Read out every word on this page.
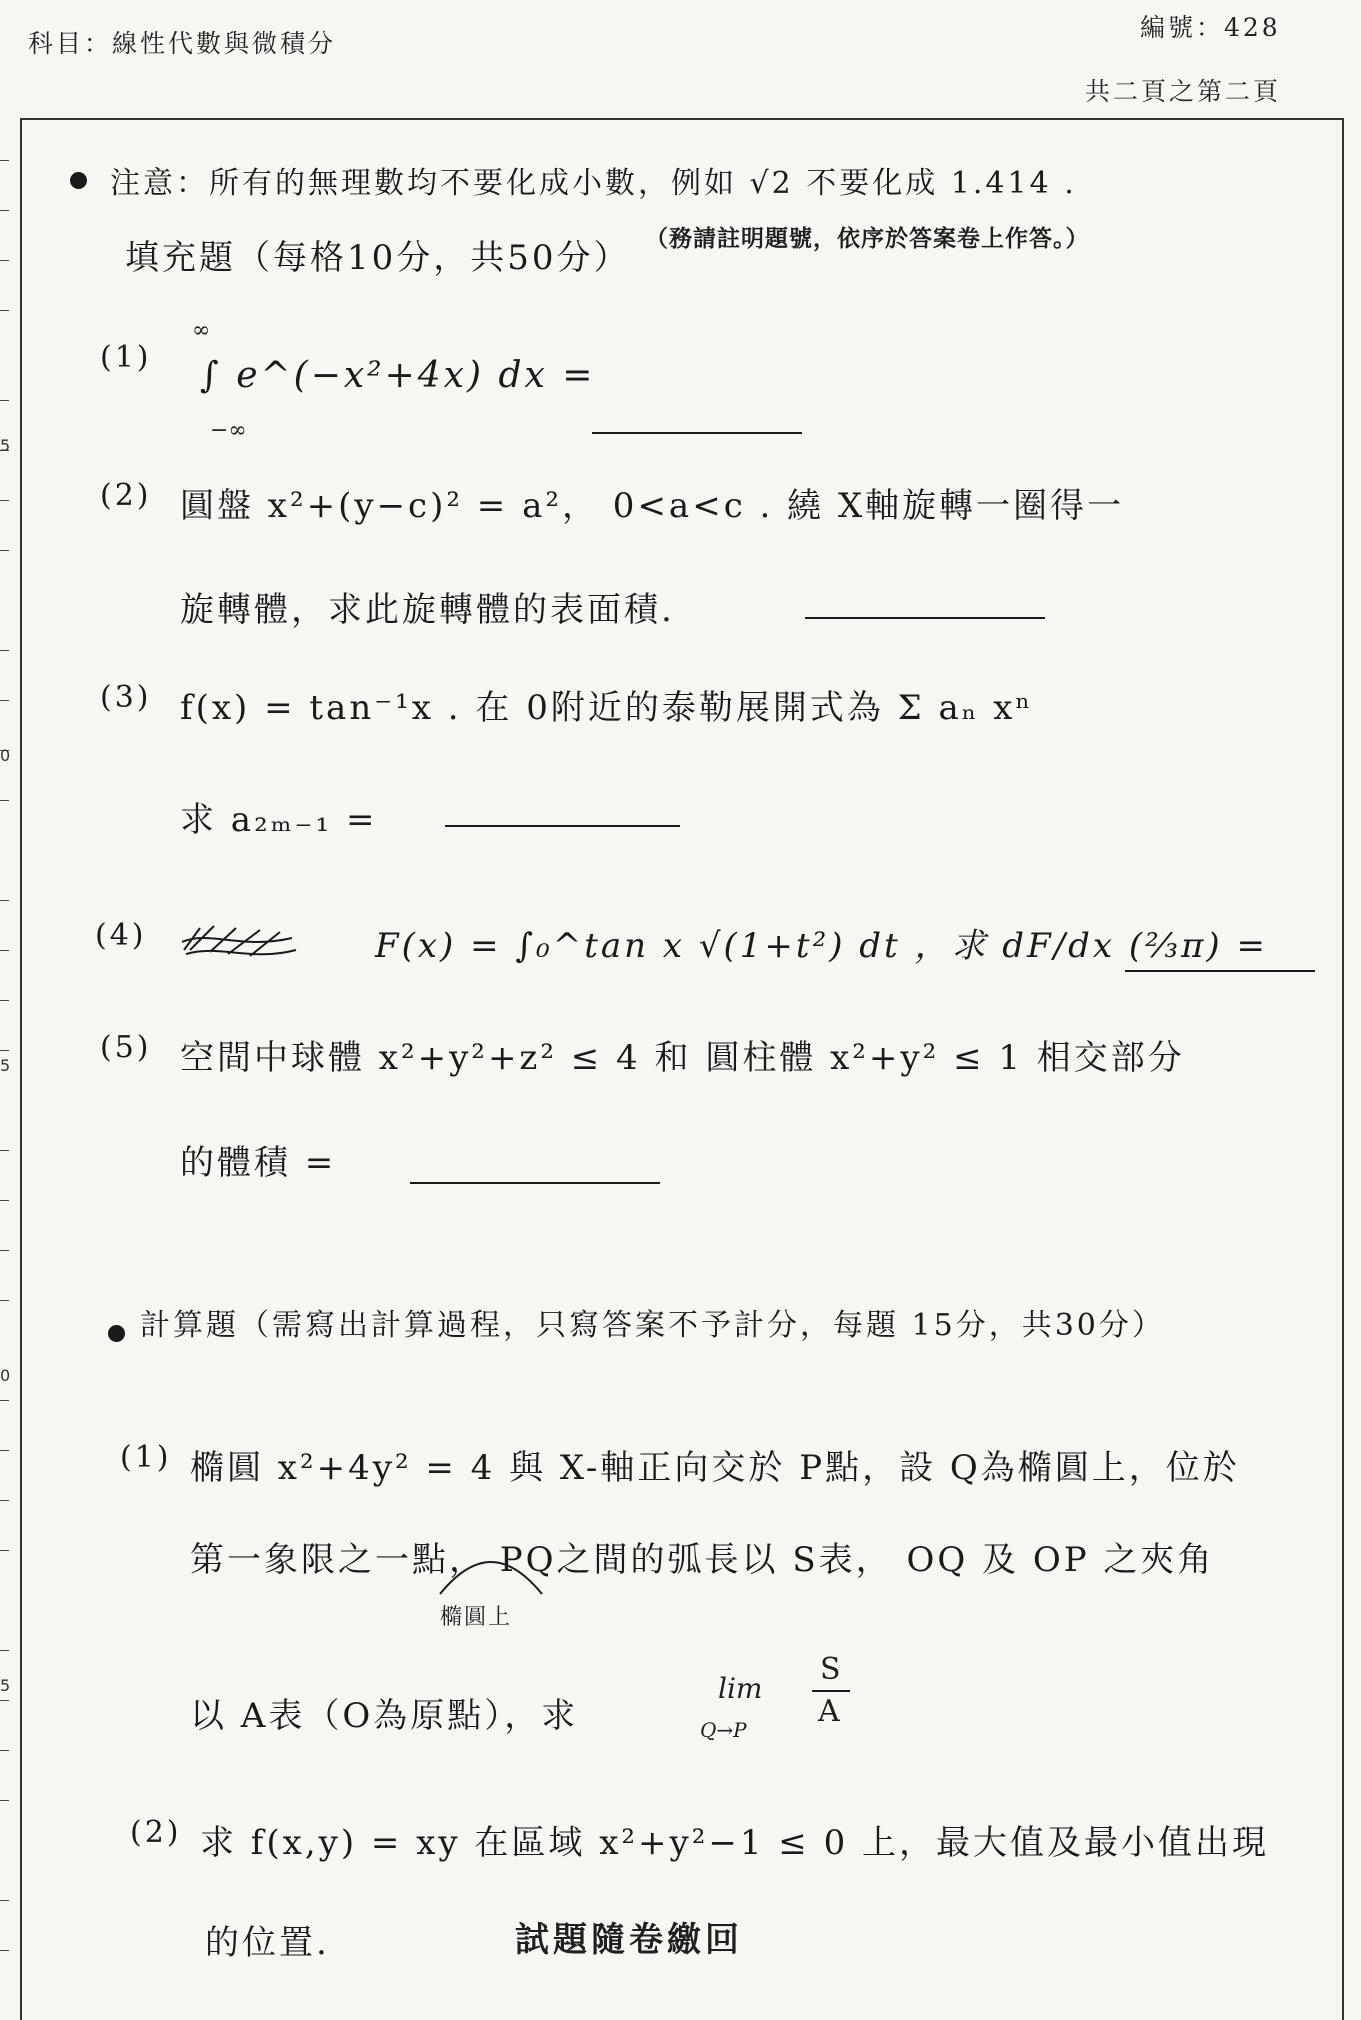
科目：線性代數與微積分
編號：428
共二頁之第二頁
5
0
5
0
5
注意：所有的無理數均不要化成小數，例如 √2 不要化成 1.414 .
填充題（每格10分，共50分） （務請註明題號，依序於答案卷上作答。）
(1)
∞
−∞
∫ e^(−x²+4x) dx =
(2) 圓盤 x²+(y−c)² = a²， 0<a<c . 繞 X軸旋轉一圈得一
旋轉體，求此旋轉體的表面積.
(3) f(x) = tan⁻¹x . 在 0附近的泰勒展開式為 Σ aₙ xⁿ
求 a₂ₘ₋₁ =
(4)	F(x) = ∫₀^tan x √(1+t²) dt ，求 dF/dx (⅔π) =
(5) 空間中球體 x²+y²+z² ≤ 4 和 圓柱體 x²+y² ≤ 1 相交部分
的體積 =
計算題（需寫出計算過程，只寫答案不予計分，每題 15分，共30分）
(1) 橢圓 x²+4y² = 4 與 X-軸正向交於 P點，設 Q為橢圓上，位於
第一象限之一點， PQ之間的弧長以 S表， OQ 及 OP 之夾角
橢圓上
以 A表（O為原點），求
lim
Q→P
S
A
(2) 求 f(x,y) = xy 在區域 x²+y²−1 ≤ 0 上，最大值及最小值出現
的位置.	試題隨卷繳回
